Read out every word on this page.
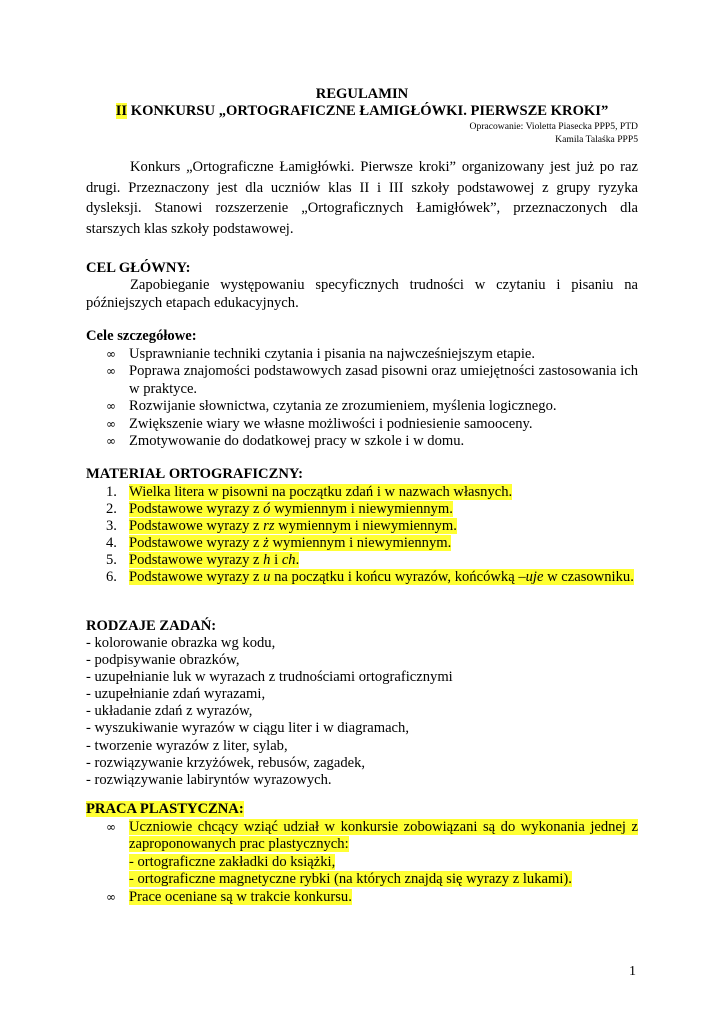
REGULAMIN
II KONKURSU „ORTOGRAFICZNE ŁAMIGŁÓWKI. PIERWSZE KROKI”
Opracowanie: Violetta Piasecka PPP5, PTD
Kamila Talaśka PPP5
Konkurs „Ortograficzne Łamigłówki. Pierwsze kroki” organizowany jest już po raz drugi. Przeznaczony jest dla uczniów klas II i III szkoły podstawowej z grupy ryzyka dysleksji. Stanowi rozszerzenie „Ortograficznych Łamigłówek”, przeznaczonych dla starszych klas szkoły podstawowej.
CEL GŁÓWNY:
Zapobieganie występowaniu specyficznych trudności w czytaniu i pisaniu na późniejszych etapach edukacyjnych.
Cele szczegółowe:
∞ Usprawnianie techniki czytania i pisania na najwcześniejszym etapie.
∞ Poprawa znajomości podstawowych zasad pisowni oraz umiejętności zastosowania ich w praktyce.
∞ Rozwijanie słownictwa, czytania ze zrozumieniem, myślenia logicznego.
∞ Zwiększenie wiary we własne możliwości i podniesienie samooceny.
∞ Zmotywowanie do dodatkowej pracy w szkole i w domu.
MATERIAŁ ORTOGRAFICZNY:
1. Wielka litera w pisowni na początku zdań i w nazwach własnych.
2. Podstawowe wyrazy z ó wymiennym i niewymiennym.
3. Podstawowe wyrazy z rz wymiennym i niewymiennym.
4. Podstawowe wyrazy z ż wymiennym i niewymiennym.
5. Podstawowe wyrazy z h i ch.
6. Podstawowe wyrazy z u na początku i końcu wyrazów, końcówką –uje w czasowniku.
RODZAJE ZADAŃ:
- kolorowanie obrazka wg kodu,
- podpisywanie obrazków,
- uzupełnianie luk w wyrazach z trudnościami ortograficznymi
- uzupełnianie zdań wyrazami,
- układanie zdań z wyrazów,
- wyszukiwanie wyrazów w ciągu liter i w diagramach,
- tworzenie wyrazów z liter, sylab,
- rozwiązywanie krzyżówek, rebusów, zagadek,
- rozwiązywanie labiryntów wyrazowych.
PRACA PLASTYCZNA:
∞ Uczniowie chcący wziąć udział w konkursie zobowiązani są do wykonania jednej z
zaproponowanych prac plastycznych:
- ortograficzne zakładki do książki,
- ortograficzne magnetyczne rybki (na których znajdą się wyrazy z lukami).
∞ Prace oceniane są w trakcie konkursu.
1
